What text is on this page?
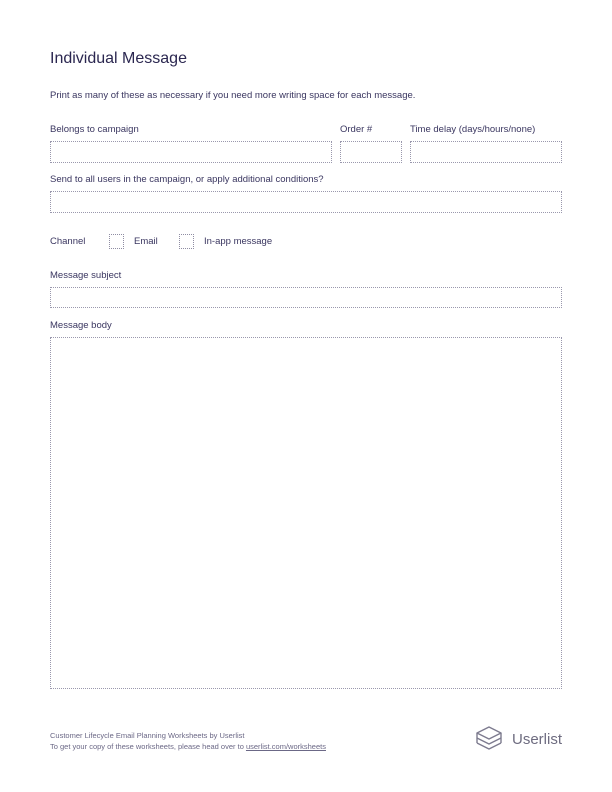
Individual Message
Print as many of these as necessary if you need more writing space for each message.
Belongs to campaign	Order #	Time delay (days/hours/none)
Send to all users in the campaign, or apply additional conditions?
Channel	Email	In-app message
Message subject
Message body
Customer Lifecycle Email Planning Worksheets by Userlist
To get your copy of these worksheets, please head over to userlist.com/worksheets	Userlist
